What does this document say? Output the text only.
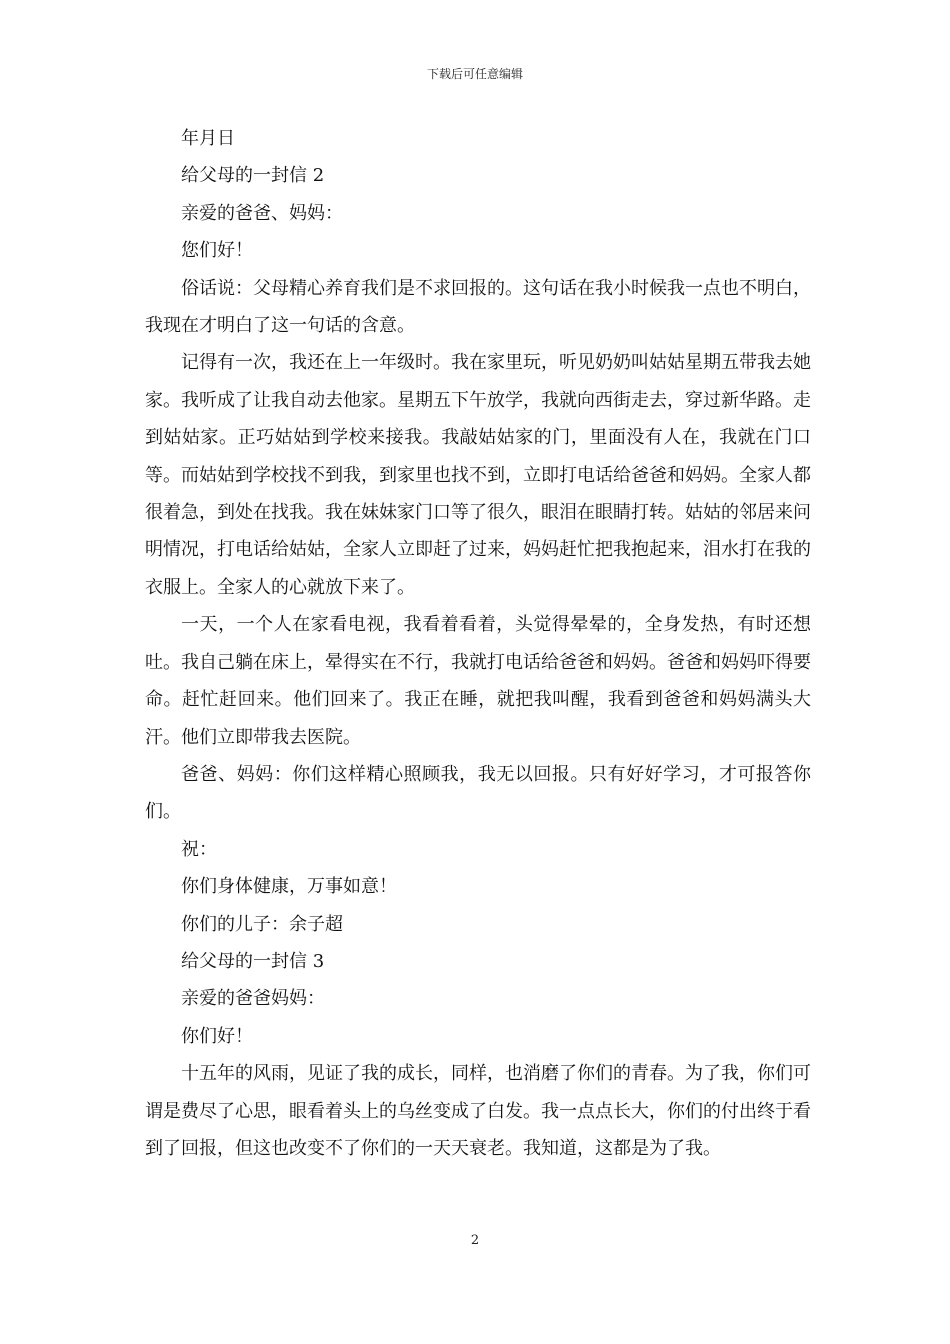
下载后可任意编辑

年月日

给父母的一封信 2

亲爱的爸爸、妈妈：

您们好！

俗话说：父母精心养育我们是不求回报的。这句话在我小时候我一点也不明白，我现在才明白了这一句话的含意。

记得有一次，我还在上一年级时。我在家里玩，听见奶奶叫姑姑星期五带我去她家。我听成了让我自动去他家。星期五下午放学，我就向西街走去，穿过新华路。走到姑姑家。正巧姑姑到学校来接我。我敲姑姑家的门，里面没有人在，我就在门口等。而姑姑到学校找不到我，到家里也找不到，立即打电话给爸爸和妈妈。全家人都很着急，到处在找我。我在妹妹家门口等了很久，眼泪在眼睛打转。姑姑的邻居来问明情况，打电话给姑姑，全家人立即赶了过来，妈妈赶忙把我抱起来，泪水打在我的衣服上。全家人的心就放下来了。

一天，一个人在家看电视，我看着看着，头觉得晕晕的，全身发热，有时还想吐。我自己躺在床上，晕得实在不行，我就打电话给爸爸和妈妈。爸爸和妈妈吓得要命。赶忙赶回来。他们回来了。我正在睡，就把我叫醒，我看到爸爸和妈妈满头大汗。他们立即带我去医院。

爸爸、妈妈：你们这样精心照顾我，我无以回报。只有好好学习，才可报答你们。

祝：

你们身体健康，万事如意！

你们的儿子：余子超

给父母的一封信 3

亲爱的爸爸妈妈：

你们好！

十五年的风雨，见证了我的成长，同样，也消磨了你们的青春。为了我，你们可谓是费尽了心思，眼看着头上的乌丝变成了白发。我一点点长大，你们的付出终于看到了回报，但这也改变不了你们的一天天衰老。我知道，这都是为了我。

2
